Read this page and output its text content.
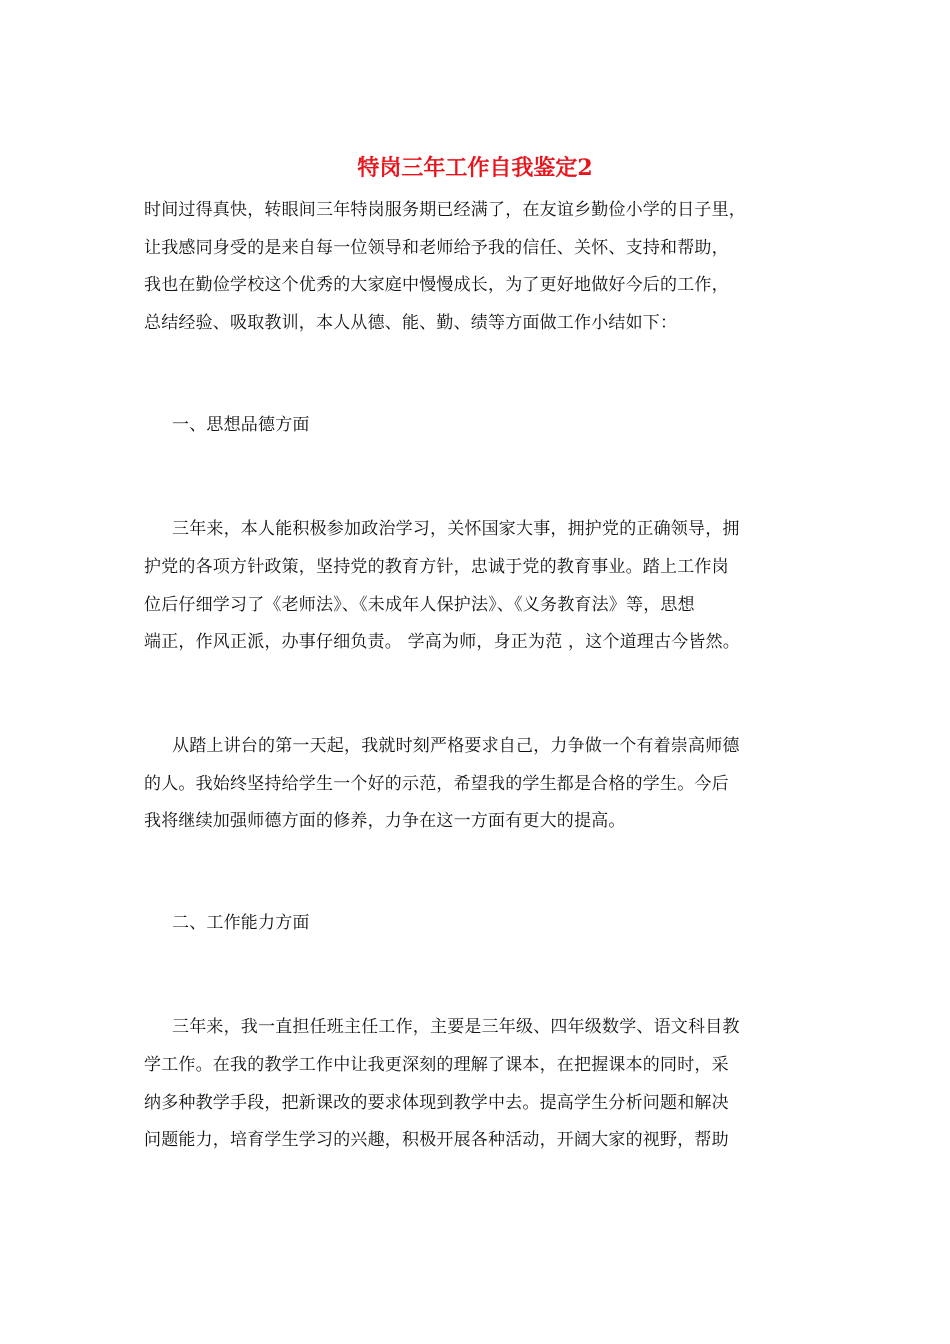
特岗三年工作自我鉴定2
时间过得真快，转眼间三年特岗服务期已经满了，在友谊乡勤俭小学的日子里，
让我感同身受的是来自每一位领导和老师给予我的信任、关怀、支持和帮助，
我也在勤俭学校这个优秀的大家庭中慢慢成长，为了更好地做好今后的工作，
总结经验、吸取教训，本人从德、能、勤、绩等方面做工作小结如下：
一、思想品德方面
三年来，本人能积极参加政治学习，关怀国家大事，拥护党的正确领导，拥
护党的各项方针政策，坚持党的教育方针，忠诚于党的教育事业。踏上工作岗
位后仔细学习了《老师法》、《未成年人保护法》、《义务教育法》等，思想
端正，作风正派，办事仔细负责。 学高为师，身正为范 ，这个道理古今皆然。
从踏上讲台的第一天起，我就时刻严格要求自己，力争做一个有着崇高师德
的人。我始终坚持给学生一个好的示范，希望我的学生都是合格的学生。今后
我将继续加强师德方面的修养，力争在这一方面有更大的提高。
二、工作能力方面
三年来，我一直担任班主任工作，主要是三年级、四年级数学、语文科目教
学工作。在我的教学工作中让我更深刻的理解了课本，在把握课本的同时，采
纳多种教学手段，把新课改的要求体现到教学中去。提高学生分析问题和解决
问题能力，培育学生学习的兴趣，积极开展各种活动，开阔大家的视野，帮助
